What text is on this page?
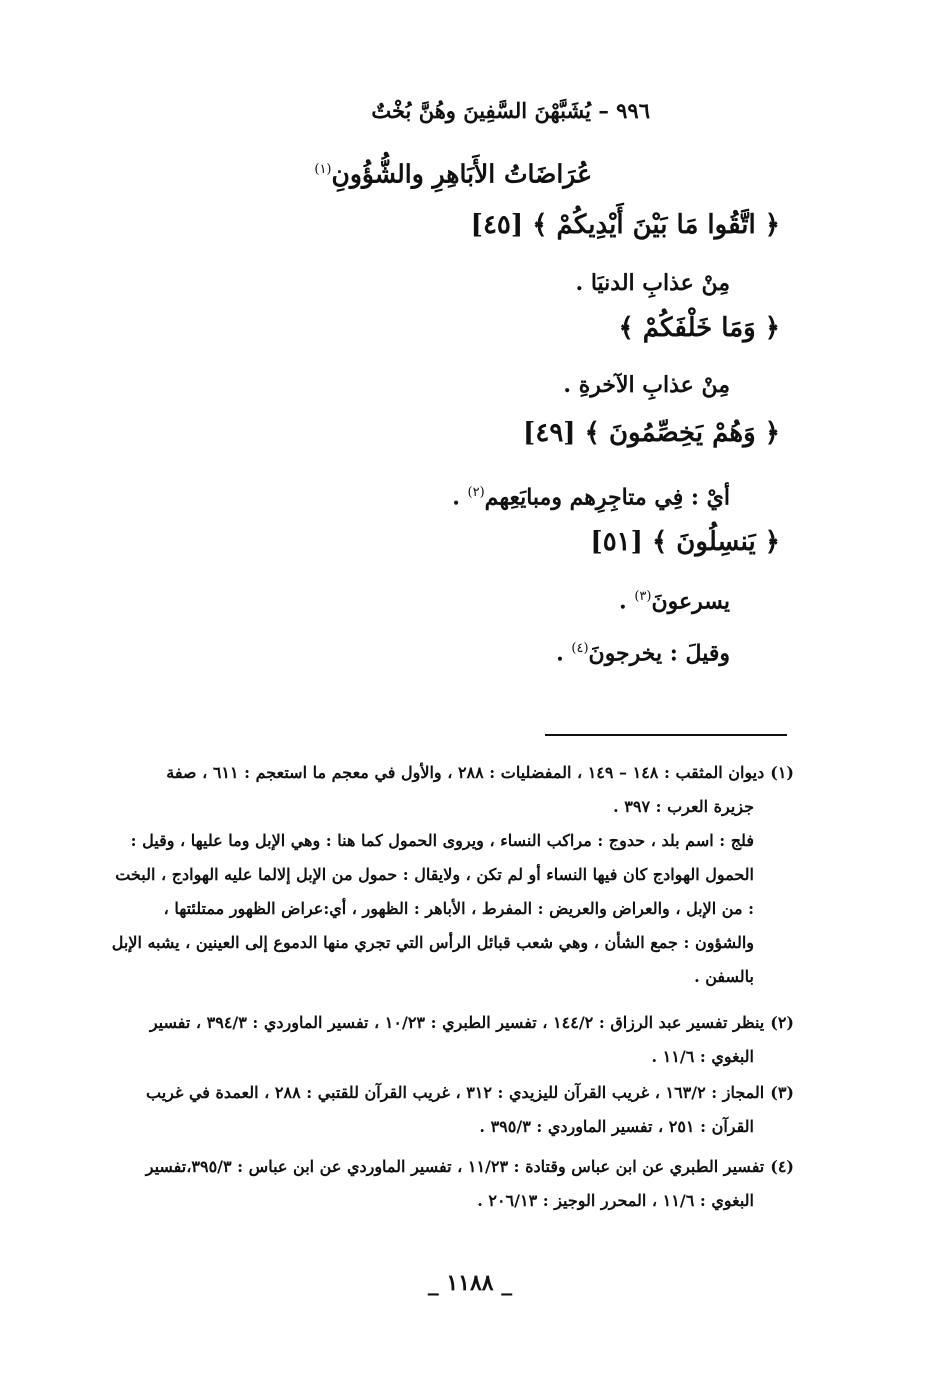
٩٩٦ – يُشَبَّهْنَ السَّفِينَ وهُنَّ بُخْتٌ
عُرَاضَاتُ الأَبَاهِرِ والشُّؤُونِ$^{(١)}$
﴿ اتَّقُوا مَا بَيْنَ أَيْدِيكُمْ ﴾ [٤٥]
مِنْ عذابِ الدنيَا .
﴿ وَمَا خَلْفَكُمْ ﴾
مِنْ عذابِ الآخرةِ .
﴿ وَهُمْ يَخِصِّمُونَ ﴾ [٤٩]
أيْ : فِي متاجِرِهم ومبايَعِهم$^{(٢)}$ .
﴿ يَنسِلُونَ ﴾ [٥١]
يسرعونَ$^{(٣)}$ .
وقيلَ : يخرجونَ$^{(٤)}$ .
(١)ديوان المثقب : ١٤٨ – ١٤٩ ، المفضليات : ٢٨٨ ، والأول في معجم ما استعجم : ٦١١ ، صفة
جزيرة العرب : ٣٩٧ .
فلج : اسم بلد ، حدوج : مراكب النساء ، ويروى الحمول كما هنا : وهي الإبل وما عليها ، وقيل :
الحمول الهوادج كان فيها النساء أو لم تكن ، ولايقال : حمول من الإبل إلالما عليه الهوادج ، البخت
: من الإبل ، والعراض والعريض : المفرط ، الأباهر : الظهور ، أي:عراض الظهور ممتلئتها ،
والشؤون : جمع الشأن ، وهي شعب قبائل الرأس التي تجري منها الدموع إلى العينين ، يشبه الإبل
بالسفن .
(٢)ينظر تفسير عبد الرزاق : ١٤٤/٢ ، تفسير الطبري : ١٠/٢٣ ، تفسير الماوردي : ٣٩٤/٣ ، تفسير
البغوي : ١١/٦ .
(٣)المجاز : ١٦٣/٢ ، غريب القرآن لليزيدي : ٣١٢ ، غريب القرآن للقتبي : ٢٨٨ ، العمدة في غريب
القرآن : ٢٥١ ، تفسير الماوردي : ٣٩٥/٣ .
(٤)تفسير الطبري عن ابن عباس وقتادة : ١١/٢٣ ، تفسير الماوردي عن ابن عباس : ٣٩٥/٣،تفسير
البغوي : ١١/٦ ، المحرر الوجيز : ٢٠٦/١٣ .
_ ١١٨٨ _
